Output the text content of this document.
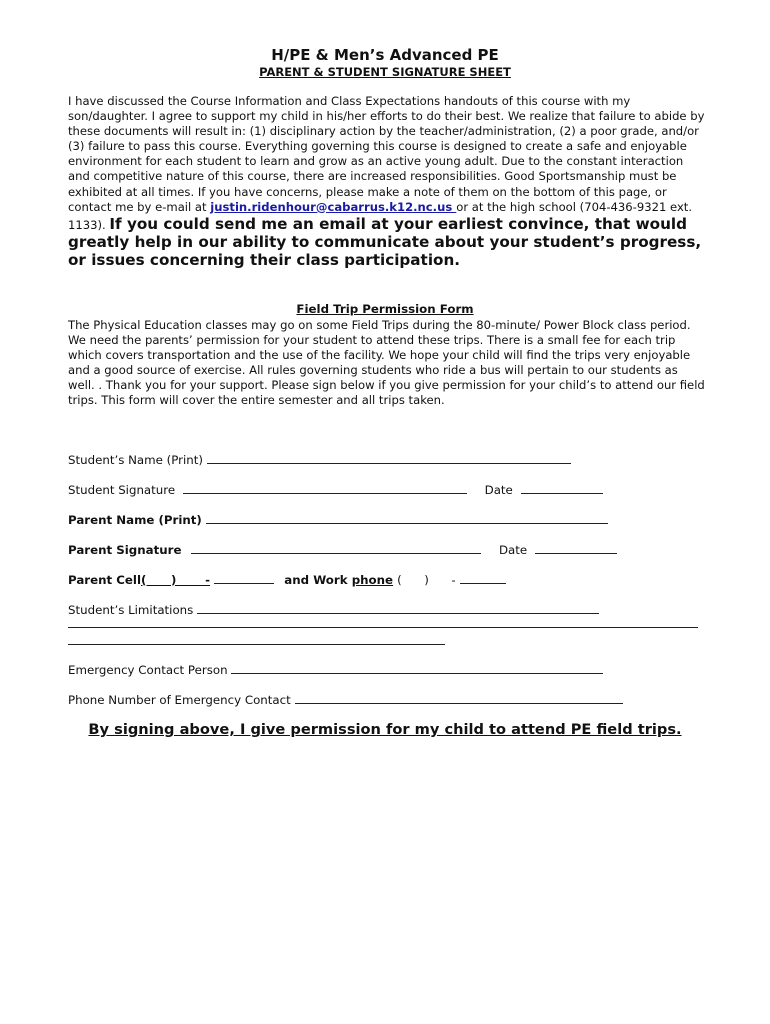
H/PE & Men’s Advanced PE
PARENT & STUDENT SIGNATURE SHEET
I have discussed the Course Information and Class Expectations handouts of this course with my son/daughter. I agree to support my child in his/her efforts to do their best. We realize that failure to abide by these documents will result in: (1) disciplinary action by the teacher/administration, (2) a poor grade, and/or (3) failure to pass this course. Everything governing this course is designed to create a safe and enjoyable environment for each student to learn and grow as an active young adult. Due to the constant interaction and competitive nature of this course, there are increased responsibilities. Good Sportsmanship must be exhibited at all times. If you have concerns, please make a note of them on the bottom of this page, or contact me by e-mail at justin.ridenhour@cabarrus.k12.nc.us or at the high school (704-436-9321 ext. 1133). If you could send me an email at your earliest convince, that would greatly help in our ability to communicate about your student’s progress, or issues concerning their class participation.
Field Trip Permission Form
The Physical Education classes may go on some Field Trips during the 80-minute/ Power Block class period. We need the parents’ permission for your student to attend these trips. There is a small fee for each trip which covers transportation and the use of the facility. We hope your child will find the trips very enjoyable and a good source of exercise. All rules governing students who ride a bus will pertain to our students as well. . Thank you for your support. Please sign below if you give permission for your child’s to attend our field trips. This form will cover the entire semester and all trips taken.
Student’s Name (Print)
Student Signature	Date
Parent Name (Print)
Parent Signature	Date
Parent Cell(      )       -	and Work phone (      )      -
Student’s Limitations
Emergency Contact Person
Phone Number of Emergency Contact
By signing above, I give permission for my child to attend PE field trips.
